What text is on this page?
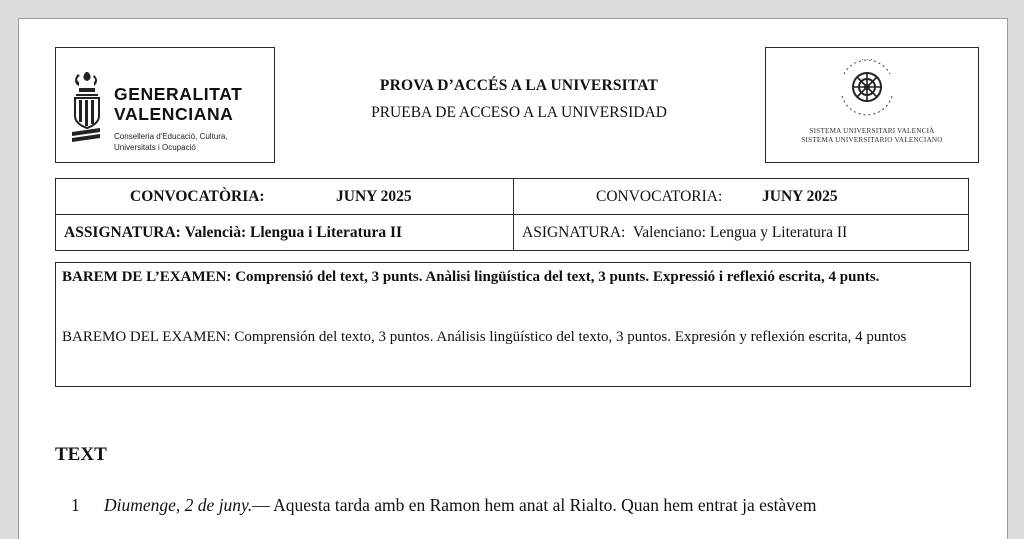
GENERALITAT
VALENCIANA
Conselleria d'Educació, Cultura,
Universitats i Ocupació
PROVA D’ACCÉS A LA UNIVERSITAT
PRUEBA DE ACCESO A LA UNIVERSIDAD
· · ·
SISTEMA UNIVERSITARI VALENCIÀ
SISTEMA UNIVERSITARIO VALENCIANO
CONVOCATÒRIA: JUNY 2025	CONVOCATORIA: JUNY 2025
ASSIGNATURA: Valencià: Llengua i Literatura II	ASIGNATURA: Valenciano: Lengua y Literatura II
BAREM DE L’EXAMEN: Comprensió del text, 3 punts. Anàlisi lingüística del text, 3 punts. Expressió i reflexió escrita, 4 punts.
BAREMO DEL EXAMEN: Comprensión del texto, 3 puntos. Análisis lingüístico del texto, 3 puntos. Expresión y reflexión escrita, 4 puntos
TEXT
1 Diumenge, 2 de juny.— Aquesta tarda amb en Ramon hem anat al Rialto. Quan hem entrat ja estàvem
